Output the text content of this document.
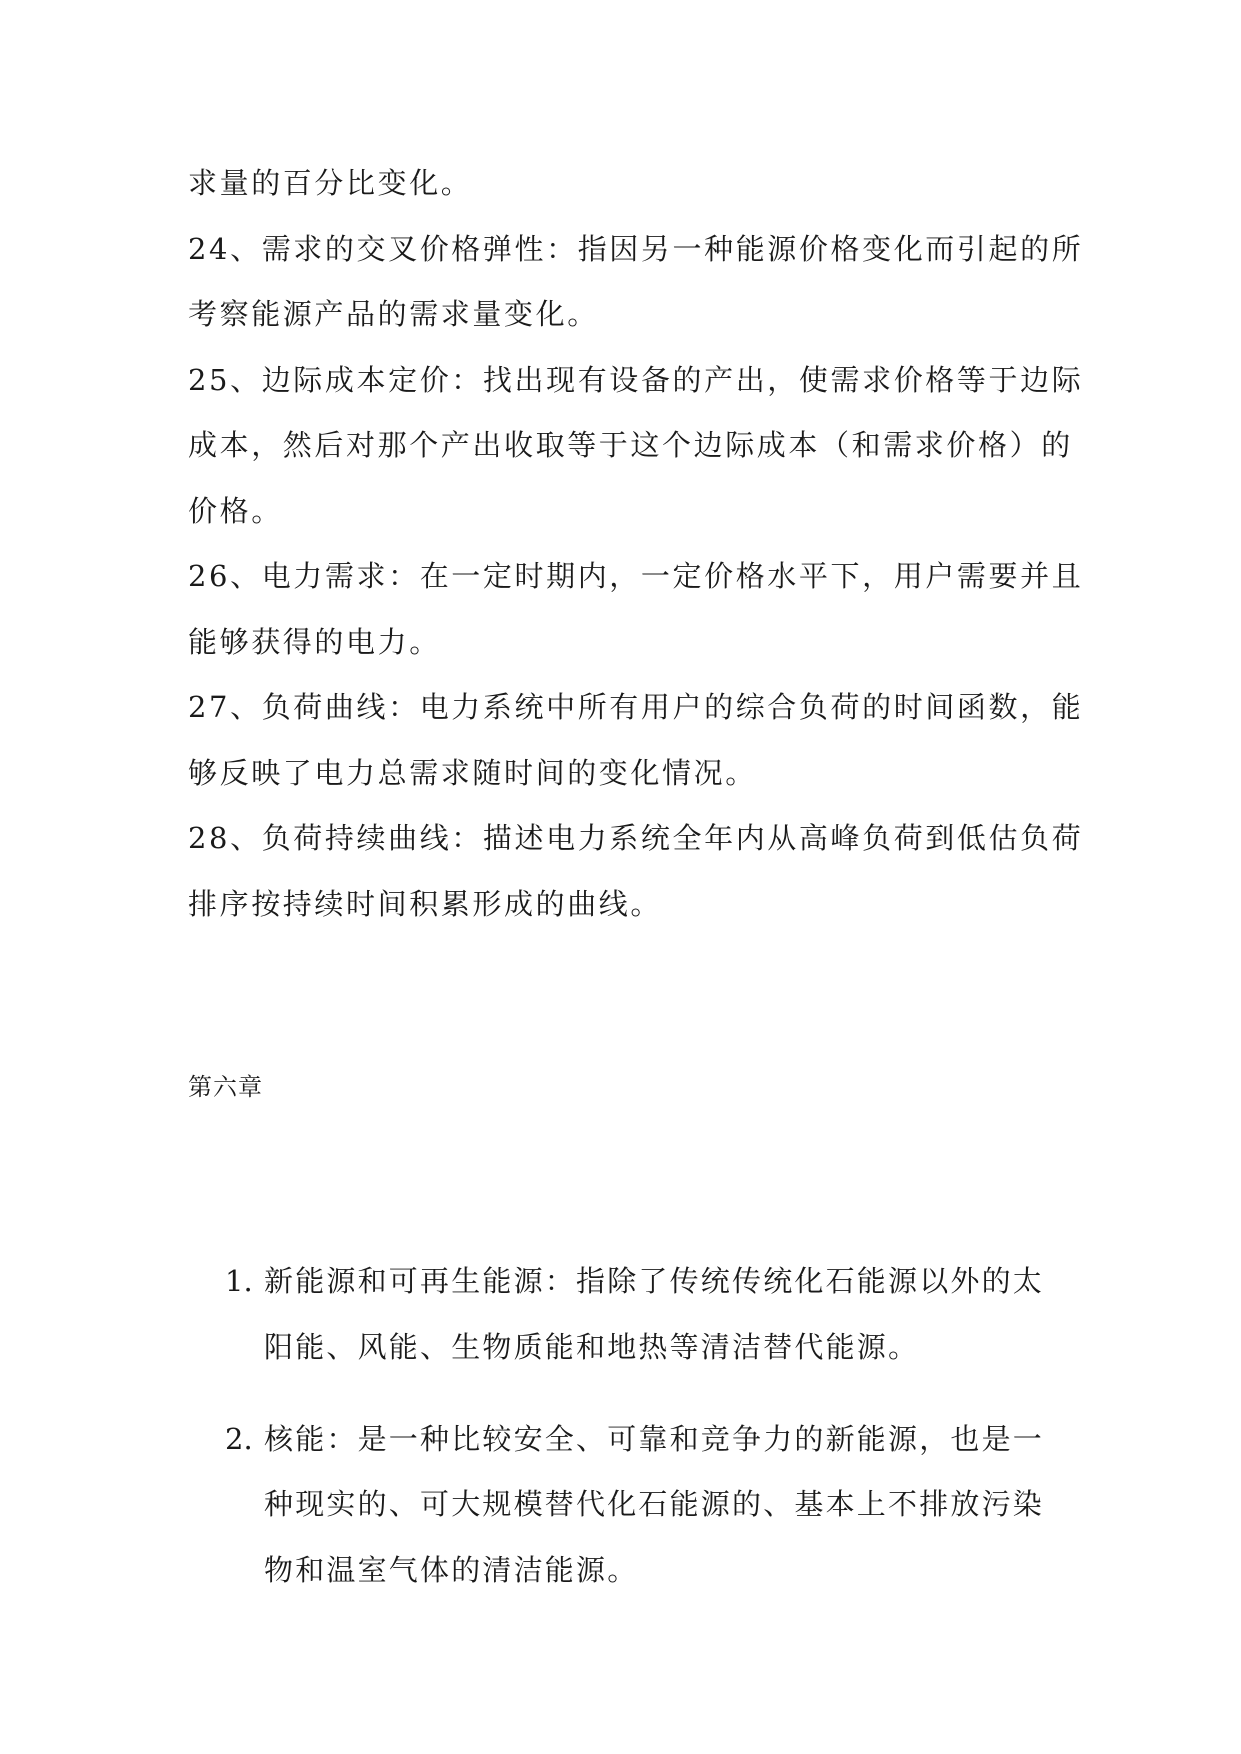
求量的百分比变化。
24、需求的交叉价格弹性：指因另一种能源价格变化而引起的所
考察能源产品的需求量变化。
25、边际成本定价：找出现有设备的产出，使需求价格等于边际
成本，然后对那个产出收取等于这个边际成本（和需求价格）的
价格。
26、电力需求：在一定时期内，一定价格水平下，用户需要并且
能够获得的电力。
27、负荷曲线：电力系统中所有用户的综合负荷的时间函数，能
够反映了电力总需求随时间的变化情况。
28、负荷持续曲线：描述电力系统全年内从高峰负荷到低估负荷
排序按持续时间积累形成的曲线。
第六章
1. 新能源和可再生能源：指除了传统传统化石能源以外的太
阳能、风能、生物质能和地热等清洁替代能源。
2. 核能：是一种比较安全、可靠和竞争力的新能源，也是一
种现实的、可大规模替代化石能源的、基本上不排放污染
物和温室气体的清洁能源。
